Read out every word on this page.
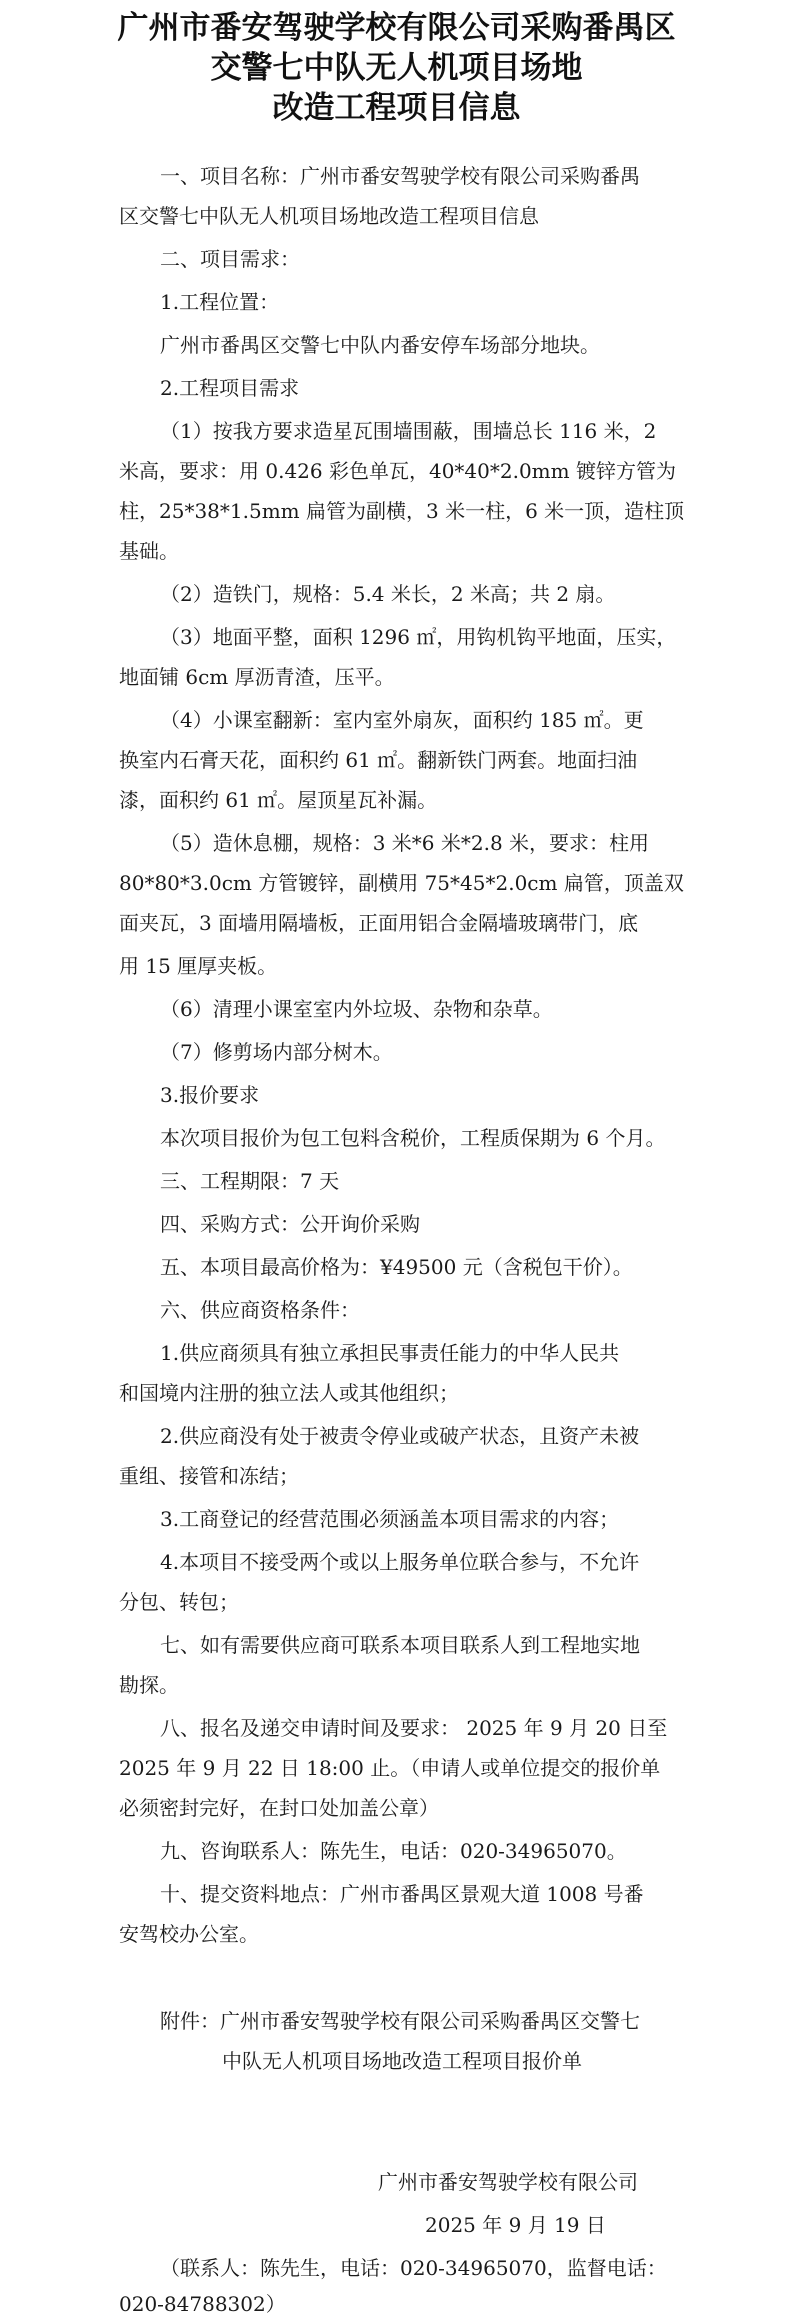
广州市番安驾驶学校有限公司采购番禺区
交警七中队无人机项目场地
改造工程项目信息
一、项目名称：广州市番安驾驶学校有限公司采购番禺
区交警七中队无人机项目场地改造工程项目信息
二、项目需求：
1.工程位置：
广州市番禺区交警七中队内番安停车场部分地块。
2.工程项目需求
（1）按我方要求造星瓦围墙围蔽，围墙总长 116 米，2
米高，要求：用 0.426 彩色单瓦，40*40*2.0mm 镀锌方管为
柱，25*38*1.5mm 扁管为副横，3 米一柱，6 米一顶，造柱顶
基础。
（2）造铁门，规格：5.4 米长，2 米高；共 2 扇。
（3）地面平整，面积 1296 ㎡，用钩机钩平地面，压实，
地面铺 6cm 厚沥青渣，压平。
（4）小课室翻新：室内室外扇灰，面积约 185 ㎡。更
换室内石膏天花，面积约 61 ㎡。翻新铁门两套。地面扫油
漆，面积约 61 ㎡。屋顶星瓦补漏。
（5）造休息棚，规格：3 米*6 米*2.8 米，要求：柱用
80*80*3.0cm 方管镀锌，副横用 75*45*2.0cm 扁管，顶盖双
面夹瓦，3 面墙用隔墙板，正面用铝合金隔墙玻璃带门，底
用 15 厘厚夹板。
（6）清理小课室室内外垃圾、杂物和杂草。
（7）修剪场内部分树木。
3.报价要求
本次项目报价为包工包料含税价，工程质保期为 6 个月。
三、工程期限：7 天
四、采购方式：公开询价采购
五、本项目最高价格为：¥49500 元（含税包干价）。
六、供应商资格条件：
1.供应商须具有独立承担民事责任能力的中华人民共
和国境内注册的独立法人或其他组织；
2.供应商没有处于被责令停业或破产状态，且资产未被
重组、接管和冻结；
3.工商登记的经营范围必须涵盖本项目需求的内容；
4.本项目不接受两个或以上服务单位联合参与，不允许
分包、转包；
七、如有需要供应商可联系本项目联系人到工程地实地
勘探。
八、报名及递交申请时间及要求： 2025 年 9 月 20 日至
2025 年 9 月 22 日 18:00 止。（申请人或单位提交的报价单
必须密封完好，在封口处加盖公章）
九、咨询联系人：陈先生，电话：020-34965070。
十、提交资料地点：广州市番禺区景观大道 1008 号番
安驾校办公室。
附件：广州市番安驾驶学校有限公司采购番禺区交警七
中队无人机项目场地改造工程项目报价单
广州市番安驾驶学校有限公司
2025 年 9 月 19 日
（联系人：陈先生，电话：020-34965070，监督电话：
020-84788302）
